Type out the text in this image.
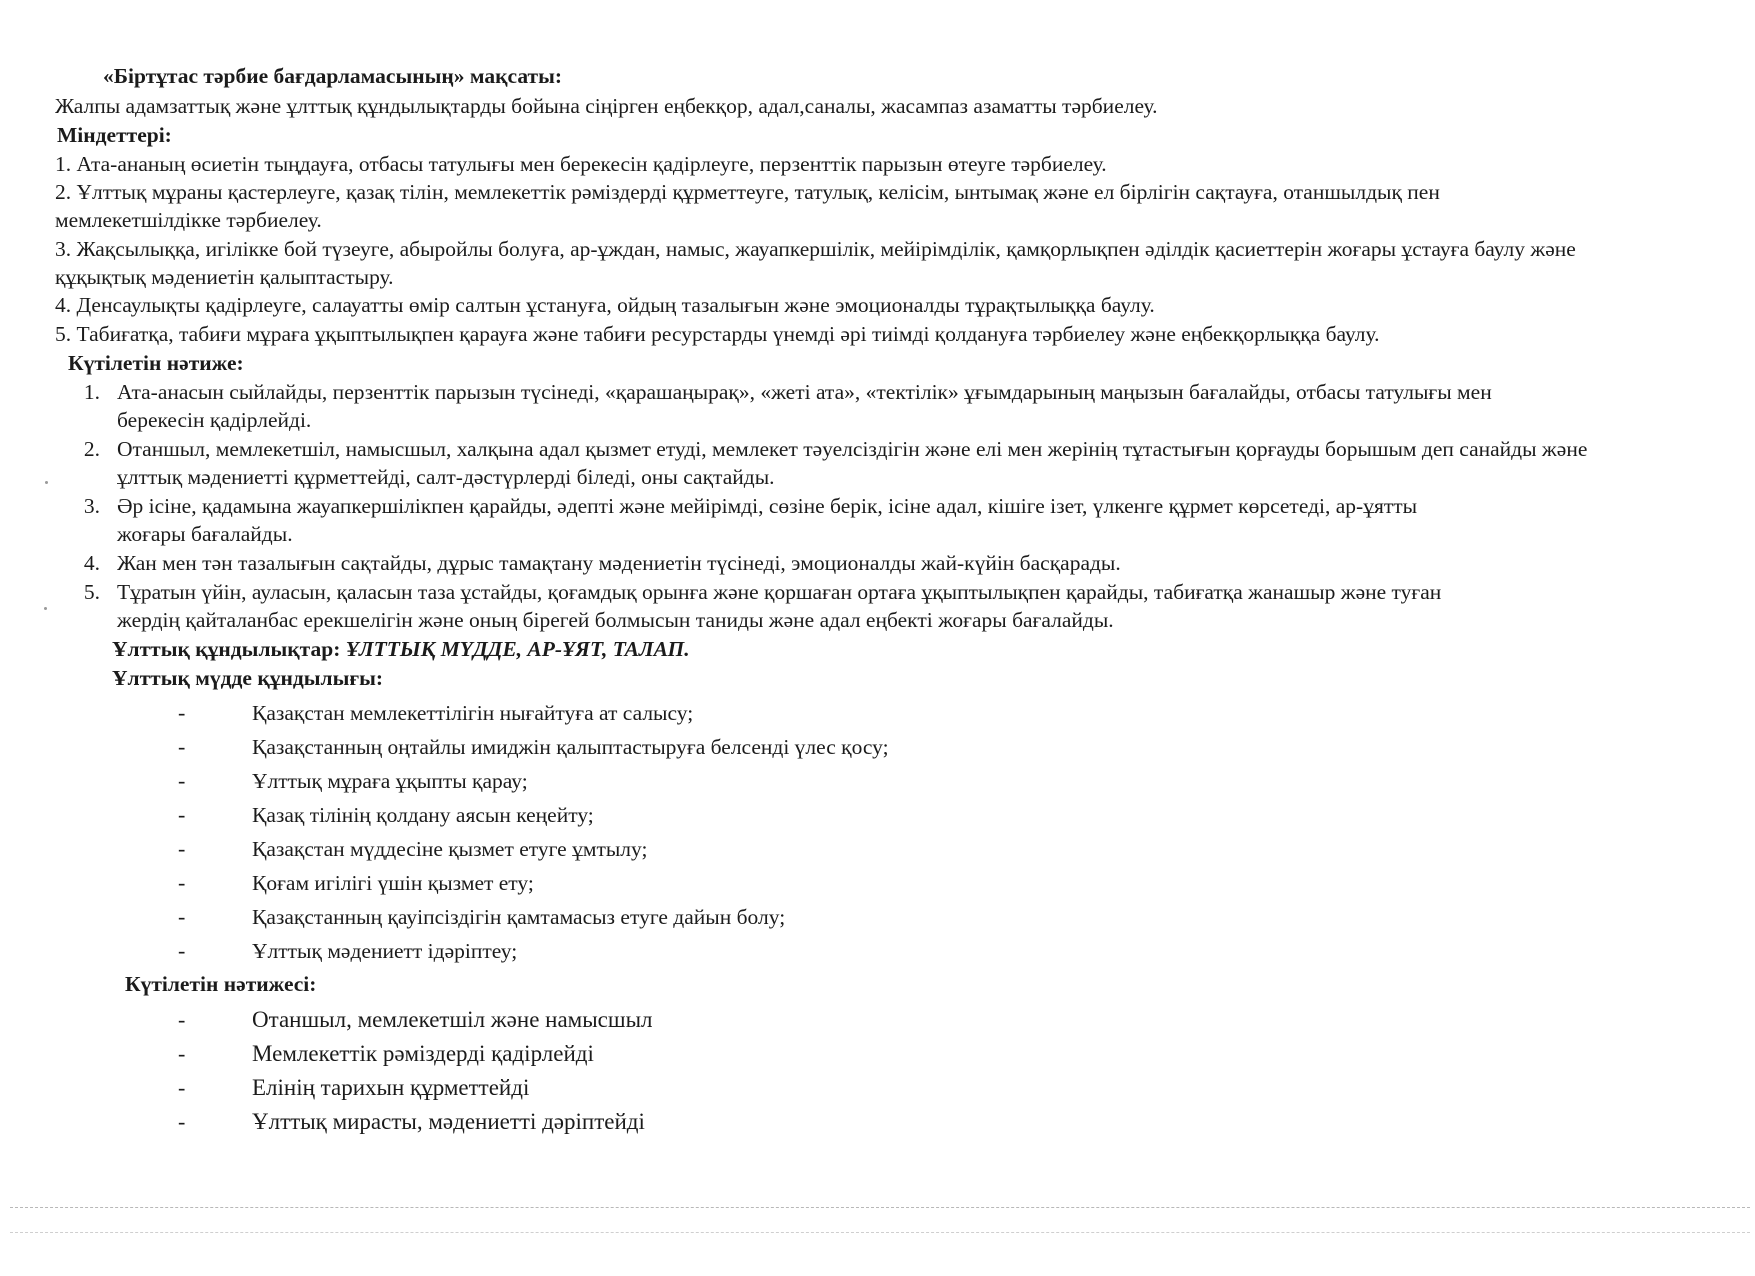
«Біртұтас тәрбие бағдарламасының» мақсаты:
Жалпы адамзаттық және ұлттық құндылықтарды бойына сіңірген еңбекқор, адал,саналы, жасампаз азаматты тәрбиелеу.
Міндеттері:
1. Ата-ананың өсиетін тыңдауға, отбасы татулығы мен берекесін қадірлеуге, перзенттік парызын өтеуге тәрбиелеу.
2. Ұлттық мұраны қастерлеуге, қазақ тілін, мемлекеттік рәміздерді құрметтеуге, татулық, келісім, ынтымақ және ел бірлігін сақтауға, отаншылдық пен
мемлекетшілдікке тәрбиелеу.
3. Жақсылыққа, игілікке бой түзеуге, абыройлы болуға, ар-ұждан, намыс, жауапкершілік, мейірімділік, қамқорлықпен әділдік қасиеттерін жоғары ұстауға баулу және
құқықтық мәдениетін қалыптастыру.
4. Денсаулықты қадірлеуге, салауатты өмір салтын ұстануға, ойдың тазалығын және эмоционалды тұрақтылыққа баулу.
5. Табиғатқа, табиғи мұраға ұқыптылықпен қарауға және табиғи ресурстарды үнемді әрі тиімді қолдануға тәрбиелеу және еңбекқорлыққа баулу.
Күтілетін нәтиже:
1. Ата-анасын сыйлайды, перзенттік парызын түсінеді, «қарашаңырақ», «жеті ата», «тектілік» ұғымдарының маңызын бағалайды, отбасы татулығы мен
берекесін қадірлейді.
2. Отаншыл, мемлекетшіл, намысшыл, халқына адал қызмет етуді, мемлекет тәуелсіздігін және елі мен жерінің тұтастығын қорғауды борышым деп санайды және
ұлттық мәдениетті құрметтейді, салт-дәстүрлерді біледі, оны сақтайды.
3. Әр ісіне, қадамына жауапкершілікпен қарайды, әдепті және мейірімді, сөзіне берік, ісіне адал, кішіге ізет, үлкенге құрмет көрсетеді, ар-ұятты
жоғары бағалайды.
4. Жан мен тән тазалығын сақтайды, дұрыс тамақтану мәдениетін түсінеді, эмоционалды жай-күйін басқарады.
5. Тұратын үйін, ауласын, қаласын таза ұстайды, қоғамдық орынға және қоршаған ортаға ұқыптылықпен қарайды, табиғатқа жанашыр және туған
жердің қайталанбас ерекшелігін және оның бірегей болмысын таниды және адал еңбекті жоғары бағалайды.
Ұлттық құндылықтар: ҰЛТТЫҚ МҮДДЕ, АР-ҰЯТ, ТАЛАП.
Ұлттық мүдде құндылығы:
-	Қазақстан мемлекеттілігін нығайтуға ат салысу;
-	Қазақстанның оңтайлы имиджін қалыптастыруға белсенді үлес қосу;
-	Ұлттық мұраға ұқыпты қарау;
-	Қазақ тілінің қолдану аясын кеңейту;
-	Қазақстан мүддесіне қызмет етуге ұмтылу;
-	Қоғам игілігі үшін қызмет ету;
-	Қазақстанның қауіпсіздігін қамтамасыз етуге дайын болу;
-	Ұлттық мәдениетт ідәріптеу;
Күтілетін нәтижесі:
-	Отаншыл, мемлекетшіл және намысшыл
-	Мемлекеттік рәміздерді қадірлейді
-	Елінің тарихын құрметтейді
-	Ұлттық мирасты, мәдениетті дәріптейді
